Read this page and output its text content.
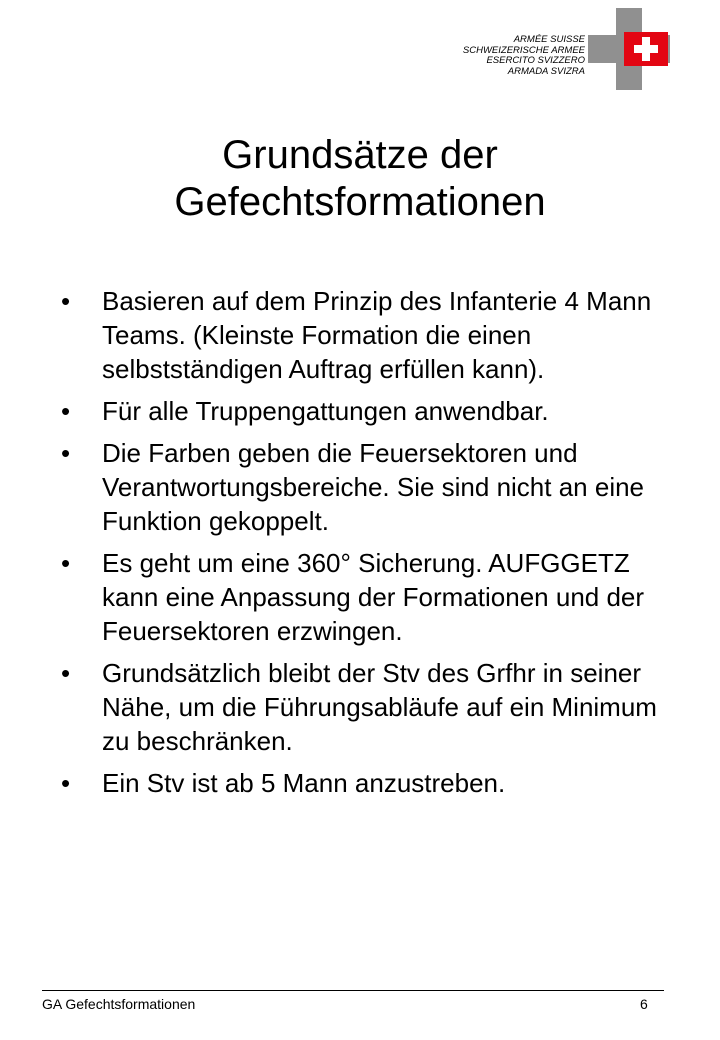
ARMÉE SUISSE
SCHWEIZERISCHE ARMEE
ESERCITO SVIZZERO
ARMADA SVIZRA
Grundsätze der
Gefechtsformationen
• Basieren auf dem Prinzip des Infanterie 4 Mann Teams. (Kleinste Formation die einen selbstständigen Auftrag erfüllen kann).
• Für alle Truppengattungen anwendbar.
• Die Farben geben die Feuersektoren und Verantwortungsbereiche. Sie sind nicht an eine Funktion gekoppelt.
• Es geht um eine 360° Sicherung. AUFGGETZ kann eine Anpassung der Formationen und der Feuersektoren erzwingen.
• Grundsätzlich bleibt der Stv des Grfhr in seiner Nähe, um die Führungsabläufe auf ein Minimum zu beschränken.
• Ein Stv ist ab 5 Mann anzustreben.
GA Gefechtsformationen	6
